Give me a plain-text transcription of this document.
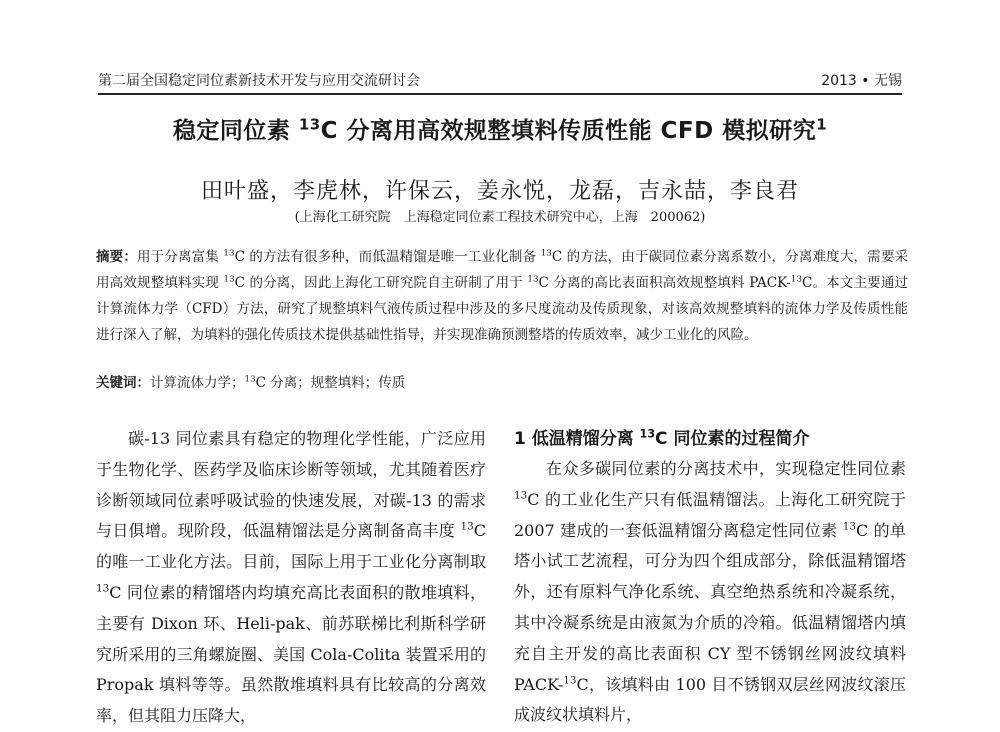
第二届全国稳定同位素新技术开发与应用交流研讨会	2013 • 无锡
稳定同位素 $^{13}$C 分离用高效规整填料传质性能 CFD 模拟研究$^1$
田叶盛，李虎林，许保云，姜永悦，龙磊，吉永喆，李良君
(上海化工研究院　上海稳定同位素工程技术研究中心，上海　200062)
摘要：用于分离富集 $^{13}$C 的方法有很多种，而低温精馏是唯一工业化制备 $^{13}$C 的方法，由于碳同位素分离系数小，分离难度大，需要采用高效规整填料实现 $^{13}$C 的分离，因此上海化工研究院自主研制了用于 $^{13}$C 分离的高比表面积高效规整填料 PACK-$^{13}$C。本文主要通过计算流体力学（CFD）方法，研究了规整填料气液传质过程中涉及的多尺度流动及传质现象，对该高效规整填料的流体力学及传质性能进行深入了解，为填料的强化传质技术提供基础性指导，并实现准确预测整塔的传质效率，减少工业化的风险。
关键词：计算流体力学；$^{13}$C 分离；规整填料；传质

碳-13 同位素具有稳定的物理化学性能，广泛应用于生物化学、医药学及临床诊断等领域，尤其随着医疗诊断领域同位素呼吸试验的快速发展，对碳-13 的需求与日俱增。现阶段，低温精馏法是分离制备高丰度 $^{13}$C 的唯一工业化方法。目前，国际上用于工业化分离制取 $^{13}$C 同位素的精馏塔内均填充高比表面积的散堆填料，主要有 Dixon 环、Heli-pak、前苏联梯比利斯科学研究所采用的三角螺旋圈、美国 Cola-Colita 装置采用的 Propak 填料等等。虽然散堆填料具有比较高的分离效率，但其阻力压降大，

1 低温精馏分离 $^{13}$C 同位素的过程简介

在众多碳同位素的分离技术中，实现稳定性同位素 $^{13}$C 的工业化生产只有低温精馏法。上海化工研究院于 2007 建成的一套低温精馏分离稳定性同位素 $^{13}$C 的单塔小试工艺流程，可分为四个组成部分，除低温精馏塔外，还有原料气净化系统、真空绝热系统和冷凝系统，其中冷凝系统是由液氮为介质的冷箱。低温精馏塔内填充自主开发的高比表面积 CY 型不锈钢丝网波纹填料 PACK-$^{13}$C，该填料由 100 目不锈钢双层丝网波纹滚压成波纹状填料片，
